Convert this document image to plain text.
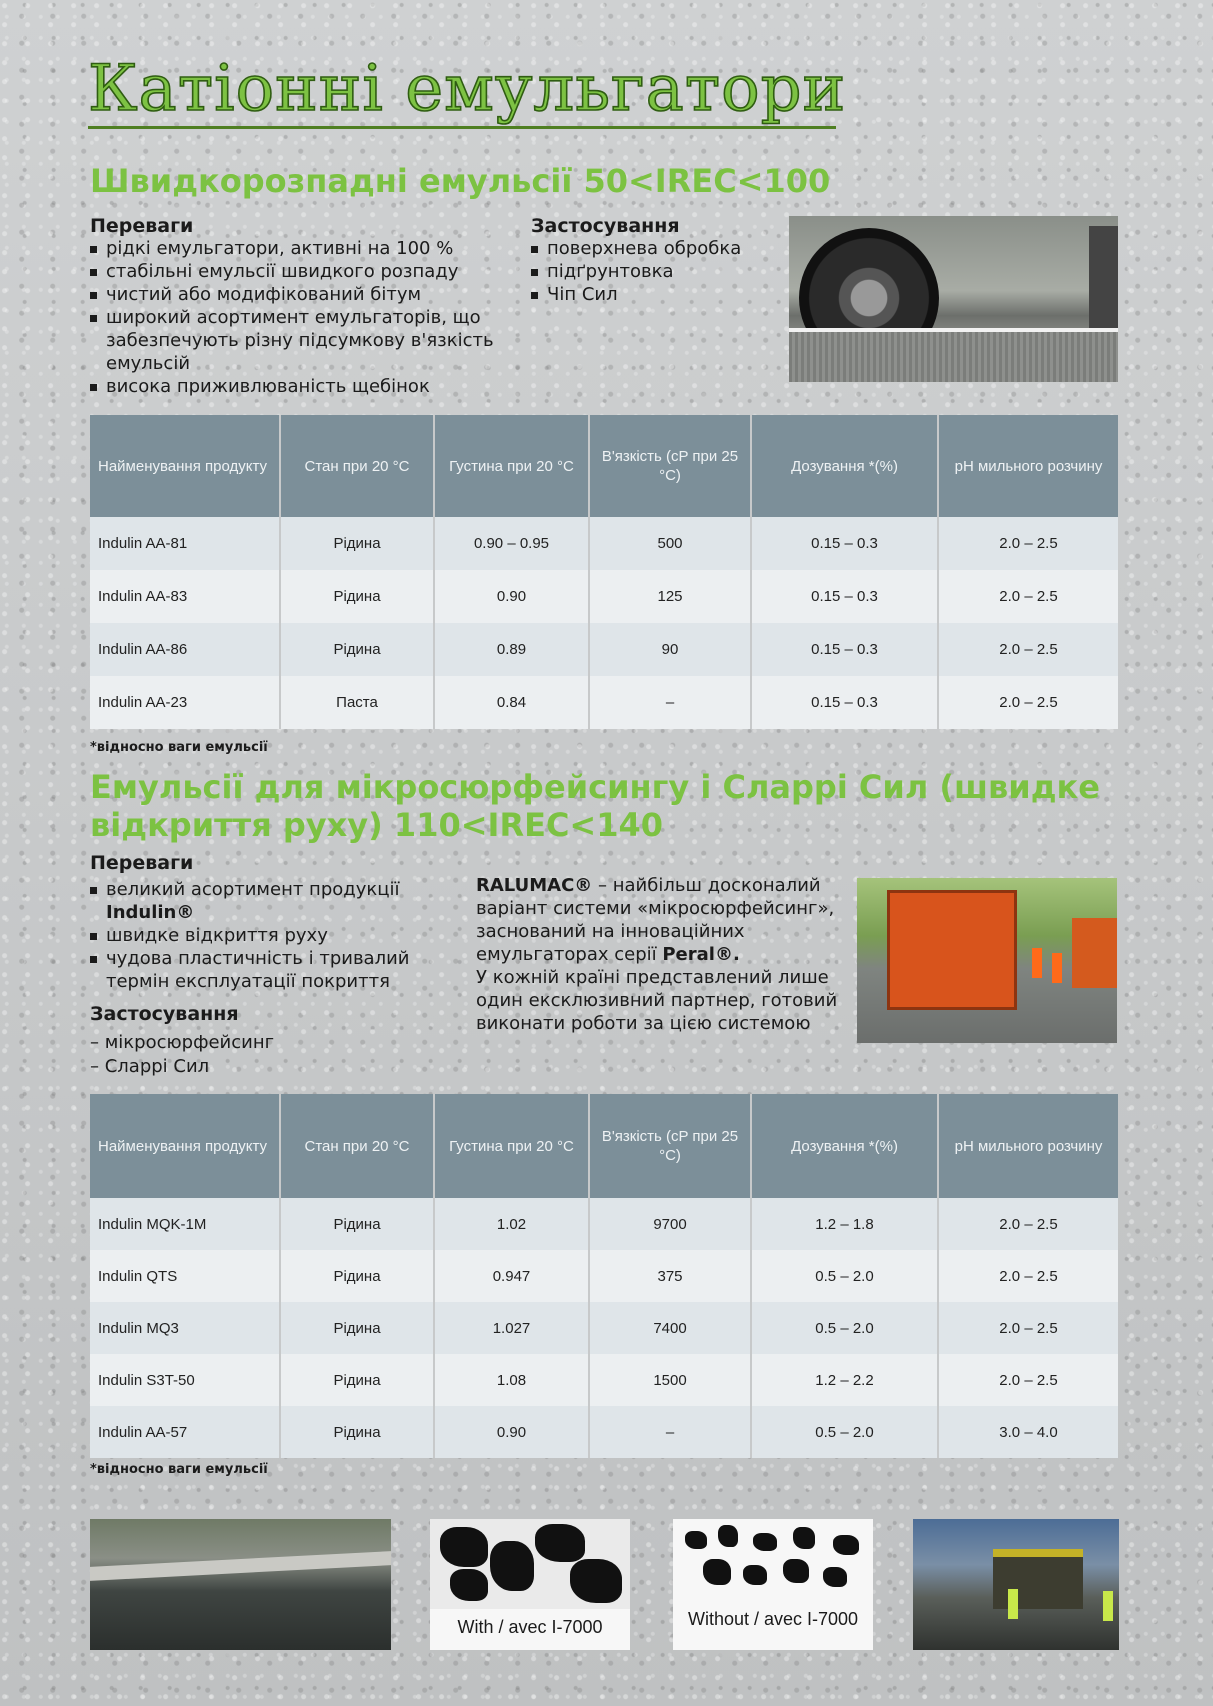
Катіонні емульгатори
Швидкорозпадні емульсії 50<IREC<100
Переваги
рідкі емульгатори, активні на 100 %
стабільні емульсії швидкого розпаду
чистий або модифікований бітум
широкий асортимент емульгаторів, що забезпечують різну підсумкову в'язкість емульсій
висока приживлюваність щебінок
Застосування
поверхнева обробка
підґрунтовка
Чіп Сил
Найменування продукту	Стан при 20 °C	Густина при 20 °C	В'язкість (cP при 25 °C)	Дозування *(%)	pH мильного розчину
Indulin AA-81	Рідина	0.90 – 0.95	500	0.15 – 0.3	2.0 – 2.5
Indulin AA-83	Рідина	0.90	125	0.15 – 0.3	2.0 – 2.5
Indulin AA-86	Рідина	0.89	90	0.15 – 0.3	2.0 – 2.5
Indulin AA-23	Паста	0.84	–	0.15 – 0.3	2.0 – 2.5
*відносно ваги емульсії
Емульсії для мікросюрфейсингу і Сларрі Сил (швидке відкриття руху) 110<IREC<140
Переваги
великий асортимент продукції
Indulin®
швидке відкриття руху
чудова пластичність і тривалий термін експлуатації покриття
Застосування
– мікросюрфейсинг
– Сларрі Сил

RALUMAC® – найбільш досконалий варіант системи «мікросюрфейсинг», заснований на інноваційних емульгаторах серії Peral®.

У кожній країні представлений лише один ексклюзивний партнер, готовий виконати роботи за цією системою

Найменування продукту	Стан при 20 °C	Густина при 20 °C	В'язкість (cP при 25 °C)	Дозування *(%)	pH мильного розчину
Indulin MQK-1M	Рідина	1.02	9700	1.2 – 1.8	2.0 – 2.5
Indulin QTS	Рідина	0.947	375	0.5 – 2.0	2.0 – 2.5
Indulin MQ3	Рідина	1.027	7400	0.5 – 2.0	2.0 – 2.5
Indulin S3T-50	Рідина	1.08	1500	1.2 – 2.2	2.0 – 2.5
Indulin AA-57	Рідина	0.90	–	0.5 – 2.0	3.0 – 4.0
*відносно ваги емульсії
With / avec I-7000	Without / avec I-7000
